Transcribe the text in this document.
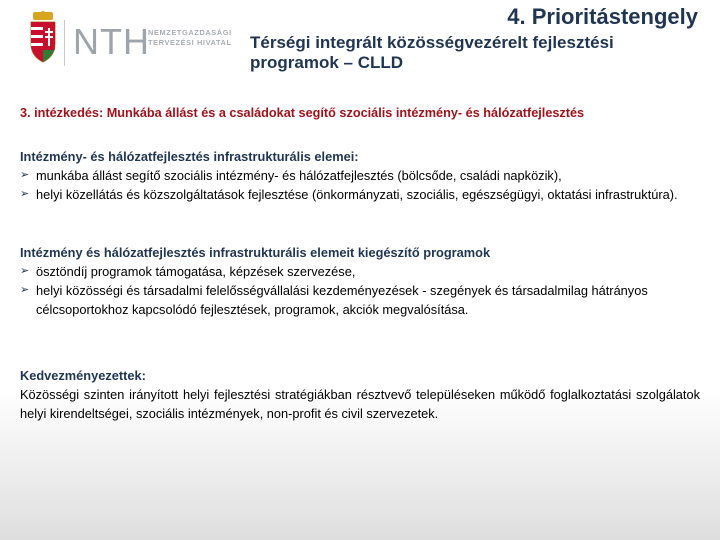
NTH
NEMZETGAZDASÁGI TERVEZÉSI HIVATAL
4. Prioritástengely
Térségi integrált közösségvezérelt fejlesztési programok – CLLD
3. intézkedés: Munkába állást és a családokat segítő szociális intézmény- és hálózatfejlesztés
Intézmény- és hálózatfejlesztés infrastrukturális elemei:
➢ munkába állást segítő szociális intézmény- és hálózatfejlesztés (bölcsőde, családi napközik),
➢ helyi közellátás és közszolgáltatások fejlesztése (önkormányzati, szociális, egészségügyi, oktatási infrastruktúra).
Intézmény és hálózatfejlesztés infrastrukturális elemeit kiegészítő programok
➢ ösztöndíj programok támogatása, képzések szervezése,
➢ helyi közösségi és társadalmi felelősségvállalási kezdeményezések - szegények és társadalmilag hátrányos célcsoportokhoz kapcsolódó fejlesztések, programok, akciók megvalósítása.
Kedvezményezettek:
Közösségi szinten irányított helyi fejlesztési stratégiákban résztvevő településeken működő foglalkoztatási szolgálatok helyi kirendeltségei, szociális intézmények, non-profit és civil szervezetek.
